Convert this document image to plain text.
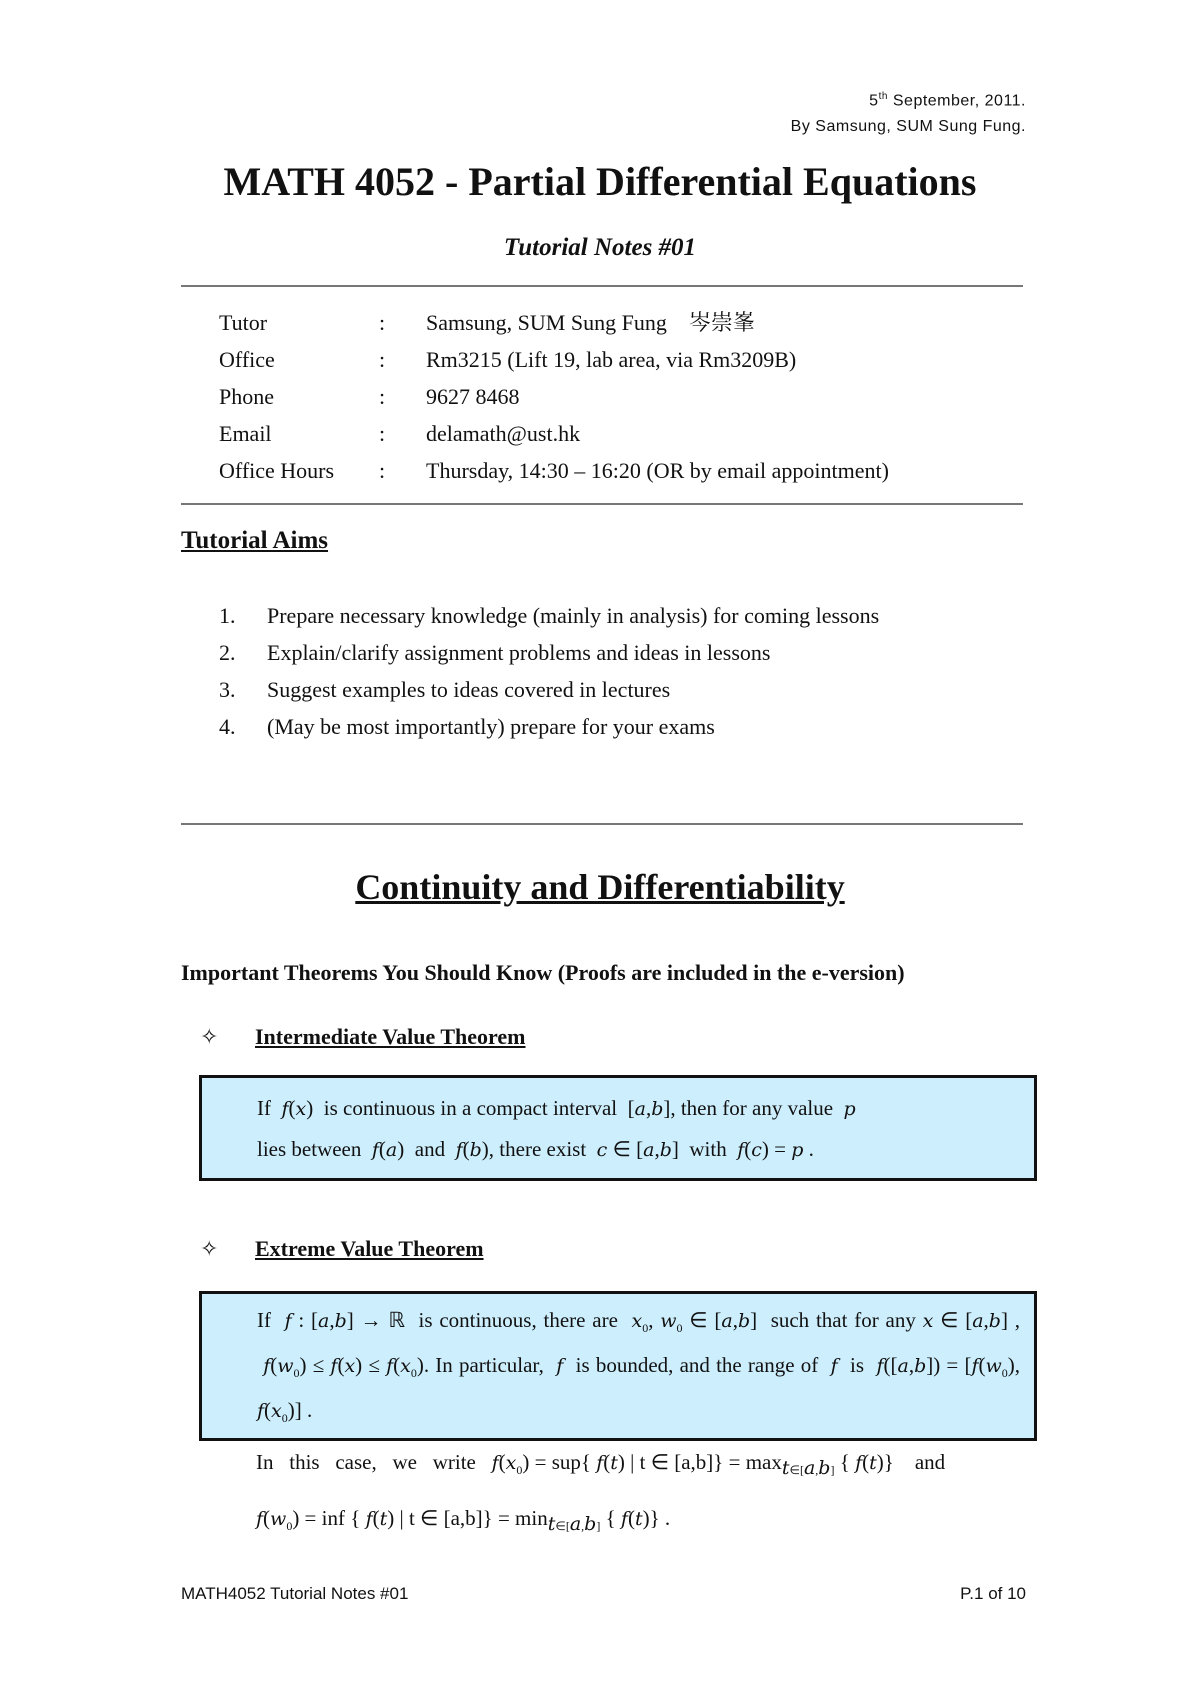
5th September, 2011.
By Samsung, SUM Sung Fung.
MATH 4052 - Partial Differential Equations
Tutorial Notes #01
Tutor	:	Samsung, SUM Sung Fung 岑崇峯
Office	:	Rm3215 (Lift 19, lab area, via Rm3209B)
Phone	:	9627 8468
Email	:	delamath@ust.hk
Office Hours	:	Thursday, 14:30 – 16:20 (OR by email appointment)
Tutorial Aims
1.	Prepare necessary knowledge (mainly in analysis) for coming lessons
2.	Explain/clarify assignment problems and ideas in lessons
3.	Suggest examples to ideas covered in lectures
4.	(May be most importantly) prepare for your exams
Continuity and Differentiability
Important Theorems You Should Know (Proofs are included in the e-version)
✧ Intermediate Value Theorem
If  f(x)  is continuous in a compact interval  [a,b], then for any value  p
lies between  f(a)  and  f(b), there exist  c ∈ [a,b]  with  f(c) = p .
✧ Extreme Value Theorem
If  f : [a,b] → ℝ  is continuous, there are  $x_0$, $w_0$ ∈ [a,b]  such that for any x ∈ [a,b] ,  $f(w_0) \le f(x) \le f(x_0)$. In particular,  f  is bounded, and the range of  f  is  $f([a,b]) = [f(w_0)$, $f(x_0)$] .
In   this   case,   we   write   $f(x_0) = sup${ f(t) | t ∈ $[a,b]\} = \max_{t\in[a,b]}$ { f(t)}    and
$f(w_0)$ = inf { f(t) | t ∈ $[a,b]\} = \min_{t\in[a,b]}$ { f(t)} .
MATH4052 Tutorial Notes #01	P.1 of 10
